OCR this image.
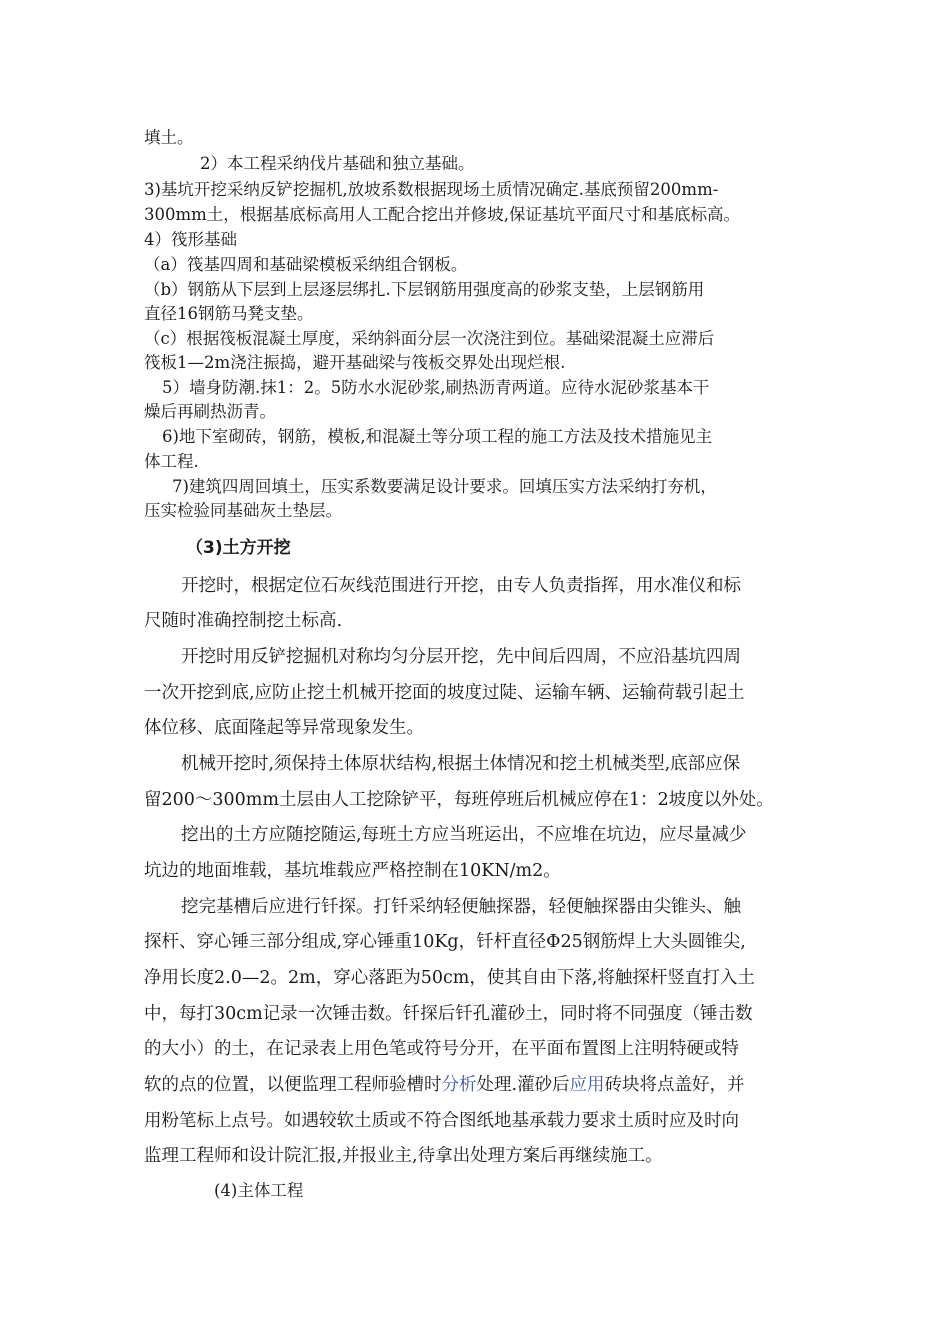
填土。
2）本工程采纳伐片基础和独立基础。
3)基坑开挖采纳反铲挖掘机,放坡系数根据现场土质情况确定.基底预留200mm-
300mm土，根据基底标高用人工配合挖出并修坡,保证基坑平面尺寸和基底标高。
4）筏形基础
（a）筏基四周和基础梁模板采纳组合钢板。
（b）钢筋从下层到上层逐层绑扎.下层钢筋用强度高的砂浆支垫，上层钢筋用
直径16钢筋马凳支垫。
（c）根据筏板混凝土厚度，采纳斜面分层一次浇注到位。基础梁混凝土应滞后
筏板1—2m浇注振捣，避开基础梁与筏板交界处出现烂根.
5）墙身防潮.抹1：2。5防水水泥砂浆,刷热沥青两道。应待水泥砂浆基本干
燥后再刷热沥青。
6)地下室砌砖，钢筋，模板,和混凝土等分项工程的施工方法及技术措施见主
体工程.
7)建筑四周回填土，压实系数要满足设计要求。回填压实方法采纳打夯机，
压实检验同基础灰土垫层。
（3)土方开挖
开挖时，根据定位石灰线范围进行开挖，由专人负责指挥，用水准仪和标
尺随时准确控制挖土标高.
开挖时用反铲挖掘机对称均匀分层开挖，先中间后四周，不应沿基坑四周
一次开挖到底,应防止挖土机械开挖面的坡度过陡、运输车辆、运输荷载引起土
体位移、底面隆起等异常现象发生。
机械开挖时,须保持土体原状结构,根据土体情况和挖土机械类型,底部应保
留200～300mm土层由人工挖除铲平，每班停班后机械应停在1：2坡度以外处。
挖出的土方应随挖随运,每班土方应当班运出，不应堆在坑边，应尽量减少
坑边的地面堆载，基坑堆载应严格控制在10KN/m2。
挖完基槽后应进行钎探。打钎采纳轻便触探器，轻便触探器由尖锥头、触
探杆、穿心锤三部分组成,穿心锤重10Kg，钎杆直径Φ25钢筋焊上大头圆锥尖,
净用长度2.0—2。2m，穿心落距为50cm，使其自由下落,将触探杆竖直打入土
中，每打30cm记录一次锤击数。钎探后钎孔灌砂土，同时将不同强度（锤击数
的大小）的土，在记录表上用色笔或符号分开，在平面布置图上注明特硬或特
软的点的位置，以便监理工程师验槽时分析处理.灌砂后应用砖块将点盖好，并
用粉笔标上点号。如遇较软土质或不符合图纸地基承载力要求土质时应及时向
监理工程师和设计院汇报,并报业主,待拿出处理方案后再继续施工。
(4)主体工程
